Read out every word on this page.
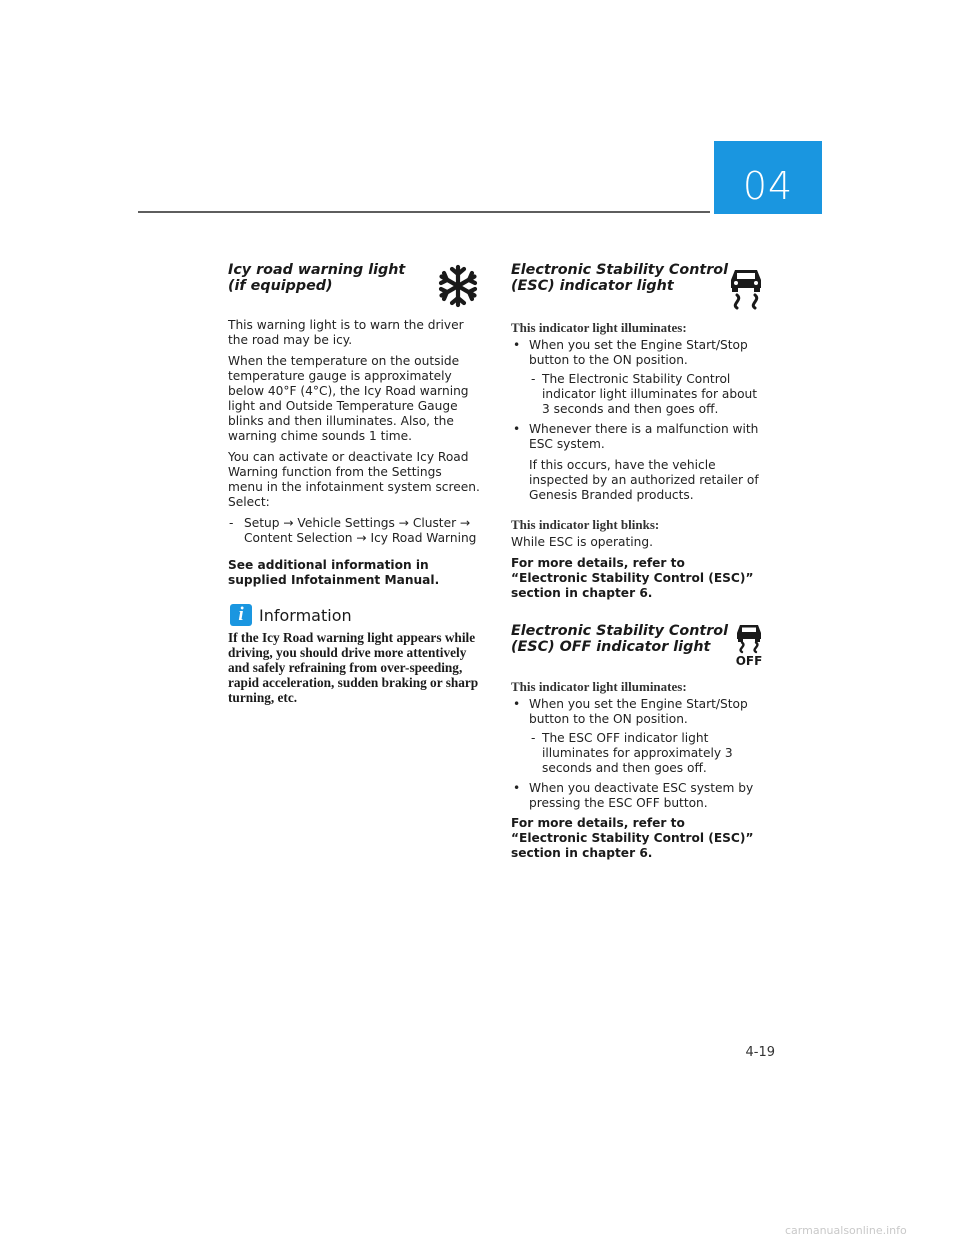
04
Icy road warning light
(if equipped)

This warning light is to warn the driver the road may be icy.

When the temperature on the outside temperature gauge is approximately below 40°F (4°C), the Icy Road warning light and Outside Temperature Gauge blinks and then illuminates. Also, the warning chime sounds 1 time.

You can activate or deactivate Icy Road Warning function from the Settings menu in the infotainment system screen. Select:

- Setup → Vehicle Settings → Cluster → Content Selection → Icy Road Warning

See additional information in supplied Infotainment Manual.

i Information

If the Icy Road warning light appears while driving, you should drive more attentively and safely refraining from over-speeding, rapid acceleration, sudden braking or sharp turning, etc.

Electronic Stability Control
(ESC) indicator light

This indicator light illuminates:

• When you set the Engine Start/Stop button to the ON position.
- The Electronic Stability Control indicator light illuminates for about 3 seconds and then goes off.
• Whenever there is a malfunction with ESC system.
If this occurs, have the vehicle inspected by an authorized retailer of Genesis Branded products.

This indicator light blinks:

While ESC is operating.

For more details, refer to “Electronic Stability Control (ESC)” section in chapter 6.

Electronic Stability Control
(ESC) OFF indicator light
OFF

This indicator light illuminates:

• When you set the Engine Start/Stop button to the ON position.
- The ESC OFF indicator light illuminates for approximately 3 seconds and then goes off.
• When you deactivate ESC system by pressing the ESC OFF button.

For more details, refer to “Electronic Stability Control (ESC)” section in chapter 6.

4-19
carmanualsonline.info
